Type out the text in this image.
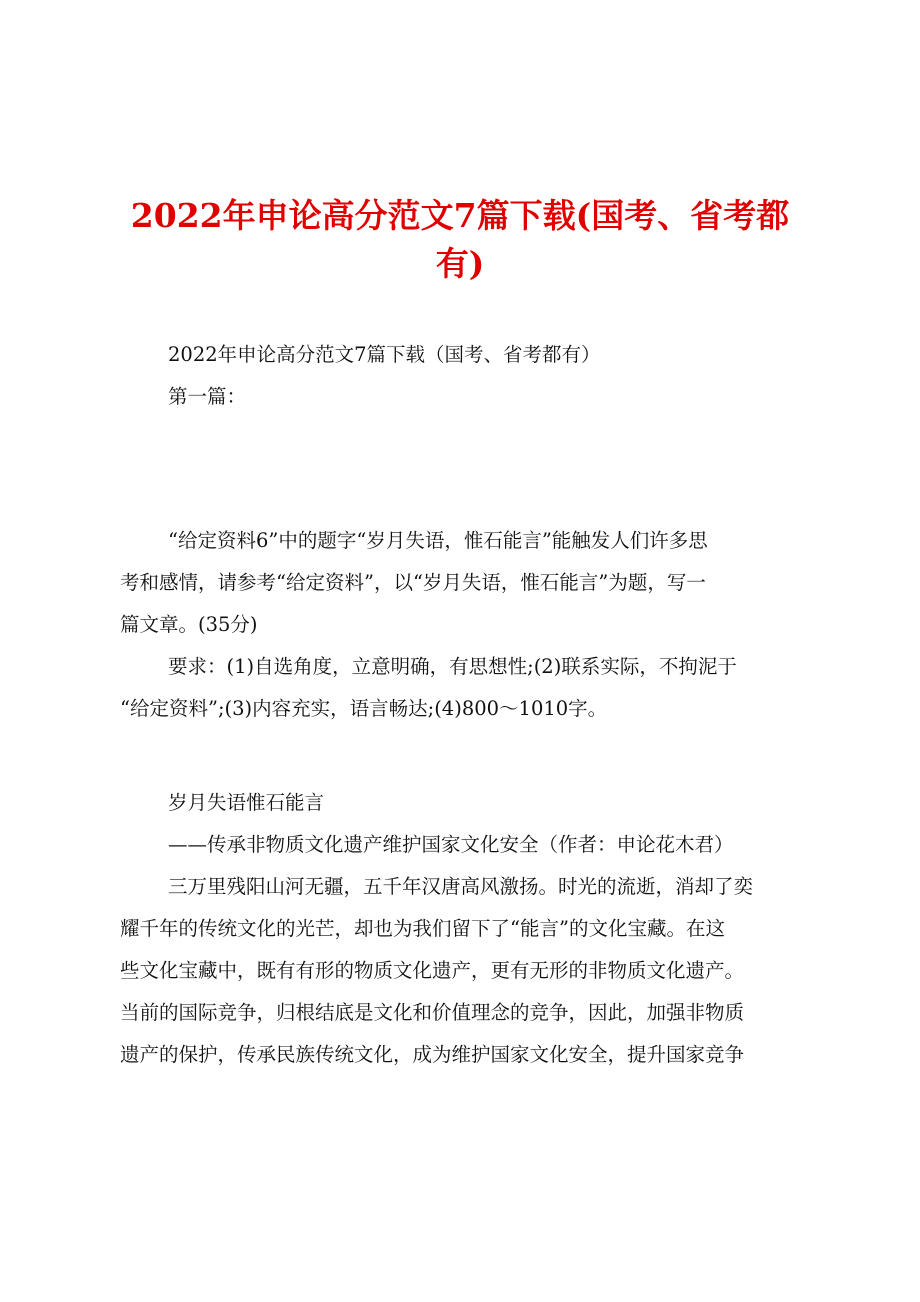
2022年申论高分范文7篇下载(国考、省考都
有)

2022年申论高分范文7篇下载（国考、省考都有）

第一篇：

“给定资料6”中的题字“岁月失语，惟石能言”能触发人们许多思
考和感情，请参考“给定资料”，以“岁月失语，惟石能言”为题，写一
篇文章。(35分)

要求：(1)自选角度，立意明确，有思想性;(2)联系实际，不拘泥于
“给定资料”;(3)内容充实，语言畅达;(4)800～1010字。

岁月失语惟石能言

——传承非物质文化遗产维护国家文化安全（作者：申论花木君）

三万里残阳山河无疆，五千年汉唐高风激扬。时光的流逝，消却了奕
耀千年的传统文化的光芒，却也为我们留下了“能言”的文化宝藏。在这
些文化宝藏中，既有有形的物质文化遗产，更有无形的非物质文化遗产。
当前的国际竞争，归根结底是文化和价值理念的竞争，因此，加强非物质
遗产的保护，传承民族传统文化，成为维护国家文化安全，提升国家竞争
